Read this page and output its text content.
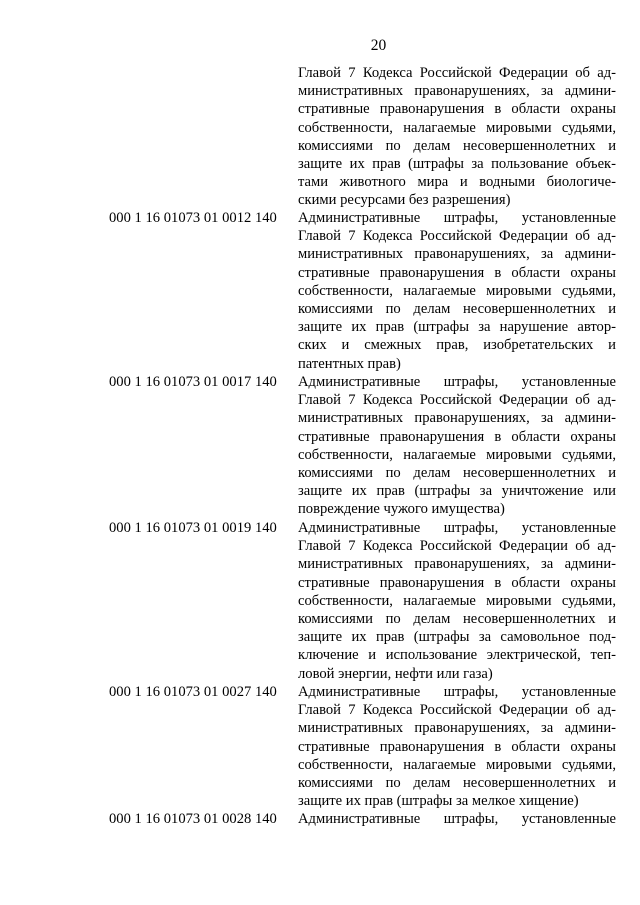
20
Главой 7 Кодекса Российской Федерации об ад-
министративных правонарушениях, за админи-
стративные правонарушения в области охраны
собственности, налагаемые мировыми судьями,
комиссиями по делам несовершеннолетних и
защите их прав (штрафы за пользование объек-
тами животного мира и водными биологиче-
скими ресурсами без разрешения)
000 1 16 01073 01 0012 140	Административные штрафы, установленные
Главой 7 Кодекса Российской Федерации об ад-
министративных правонарушениях, за админи-
стративные правонарушения в области охраны
собственности, налагаемые мировыми судьями,
комиссиями по делам несовершеннолетних и
защите их прав (штрафы за нарушение автор-
ских и смежных прав, изобретательских и
патентных прав)
000 1 16 01073 01 0017 140	Административные штрафы, установленные
Главой 7 Кодекса Российской Федерации об ад-
министративных правонарушениях, за админи-
стративные правонарушения в области охраны
собственности, налагаемые мировыми судьями,
комиссиями по делам несовершеннолетних и
защите их прав (штрафы за уничтожение или
повреждение чужого имущества)
000 1 16 01073 01 0019 140	Административные штрафы, установленные
Главой 7 Кодекса Российской Федерации об ад-
министративных правонарушениях, за админи-
стративные правонарушения в области охраны
собственности, налагаемые мировыми судьями,
комиссиями по делам несовершеннолетних и
защите их прав (штрафы за самовольное под-
ключение и использование электрической, теп-
ловой энергии, нефти или газа)
000 1 16 01073 01 0027 140	Административные штрафы, установленные
Главой 7 Кодекса Российской Федерации об ад-
министративных правонарушениях, за админи-
стративные правонарушения в области охраны
собственности, налагаемые мировыми судьями,
комиссиями по делам несовершеннолетних и
защите их прав (штрафы за мелкое хищение)
000 1 16 01073 01 0028 140	Административные штрафы, установленные
